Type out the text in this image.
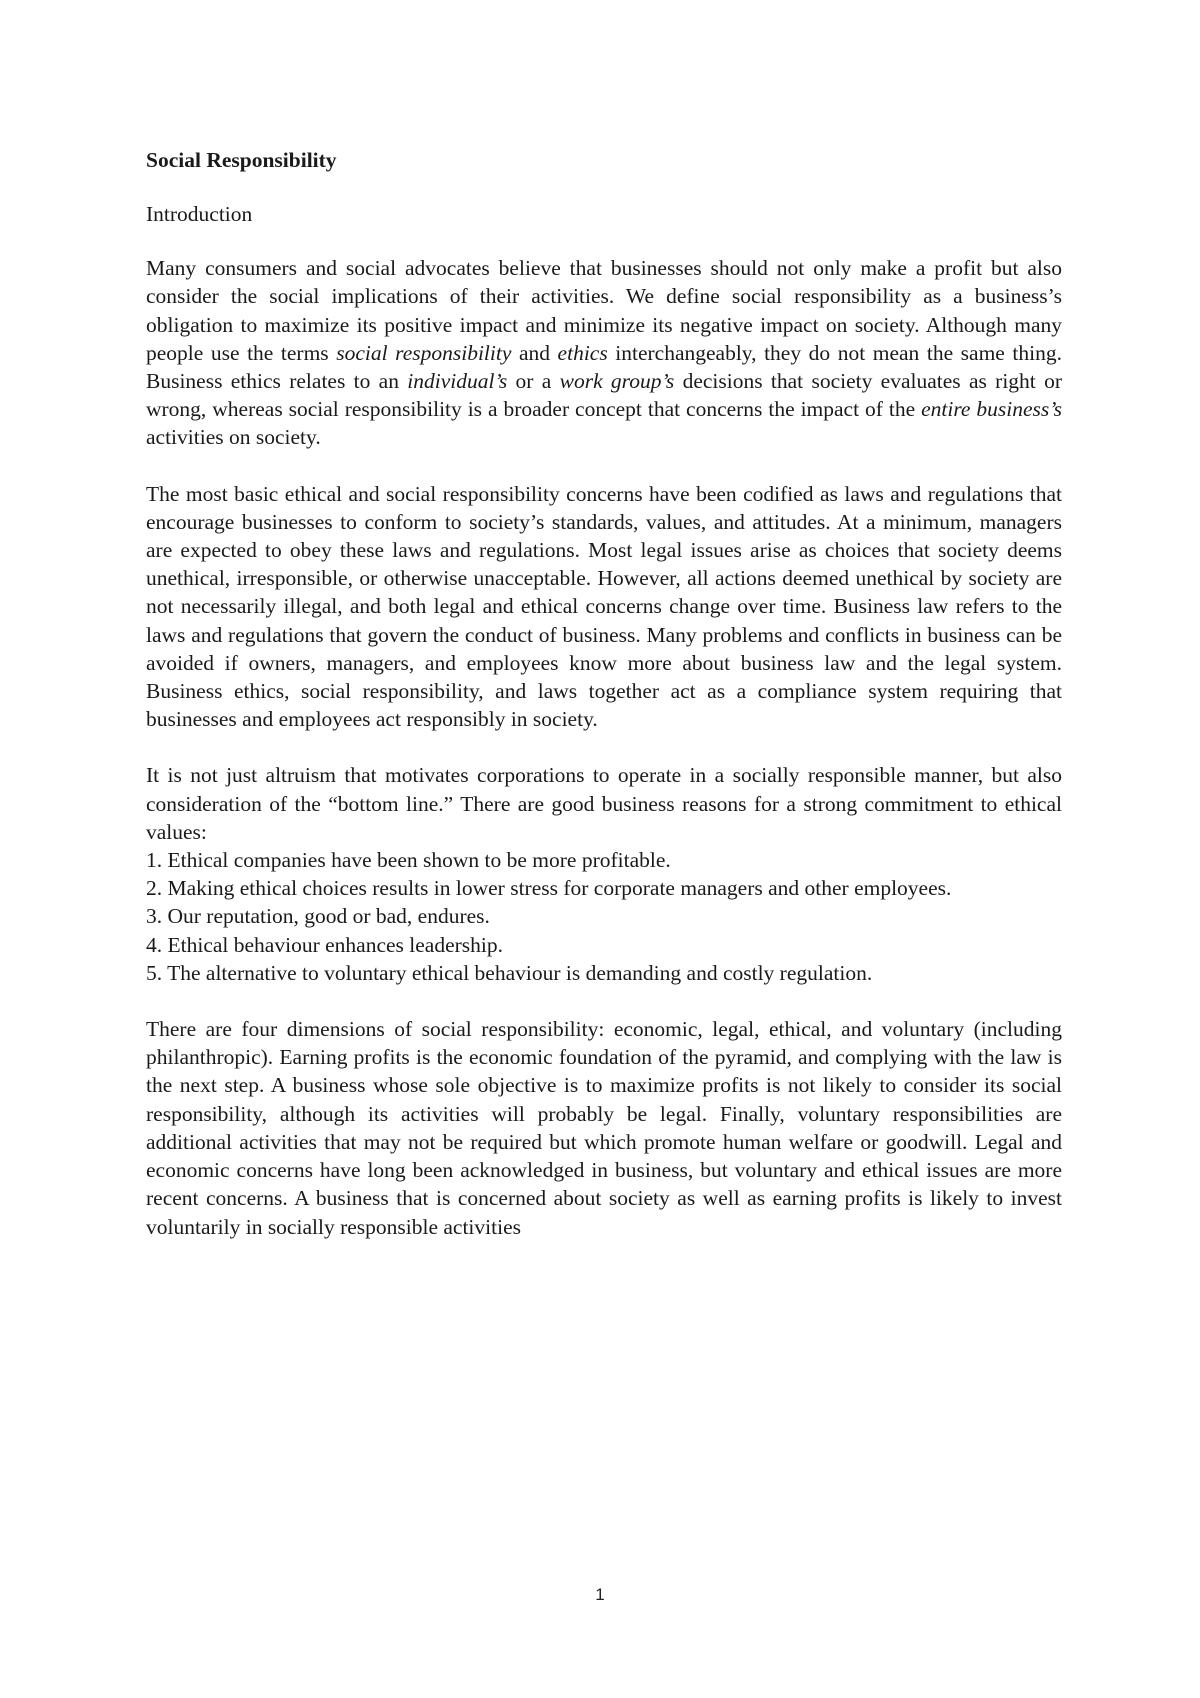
Social Responsibility
Introduction

Many consumers and social advocates believe that businesses should not only make a profit but also consider the social implications of their activities. We define social responsibility as a business’s obligation to maximize its positive impact and minimize its negative impact on society. Although many people use the terms social responsibility and ethics interchangeably, they do not mean the same thing. Business ethics relates to an individual’s or a work group’s decisions that society evaluates as right or wrong, whereas social responsibility is a broader concept that concerns the impact of the entire business’s activities on society.

The most basic ethical and social responsibility concerns have been codified as laws and regulations that encourage businesses to conform to society’s standards, values, and attitudes. At a minimum, managers are expected to obey these laws and regulations. Most legal issues arise as choices that society deems unethical, irresponsible, or otherwise unacceptable. However, all actions deemed unethical by society are not necessarily illegal, and both legal and ethical concerns change over time. Business law refers to the laws and regulations that govern the conduct of business. Many problems and conflicts in business can be avoided if owners, managers, and employees know more about business law and the legal system. Business ethics, social responsibility, and laws together act as a compliance system requiring that businesses and employees act responsibly in society.

It is not just altruism that motivates corporations to operate in a socially responsible manner, but also consideration of the “bottom line.” There are good business reasons for a strong commitment to ethical values:

1. Ethical companies have been shown to be more profitable.
2. Making ethical choices results in lower stress for corporate managers and other employees.
3. Our reputation, good or bad, endures.
4. Ethical behaviour enhances leadership.
5. The alternative to voluntary ethical behaviour is demanding and costly regulation.

There are four dimensions of social responsibility: economic, legal, ethical, and voluntary (including philanthropic). Earning profits is the economic foundation of the pyramid, and complying with the law is the next step. A business whose sole objective is to maximize profits is not likely to consider its social responsibility, although its activities will probably be legal. Finally, voluntary responsibilities are additional activities that may not be required but which promote human welfare or goodwill. Legal and economic concerns have long been acknowledged in business, but voluntary and ethical issues are more recent concerns. A business that is concerned about society as well as earning profits is likely to invest voluntarily in socially responsible activities

1
